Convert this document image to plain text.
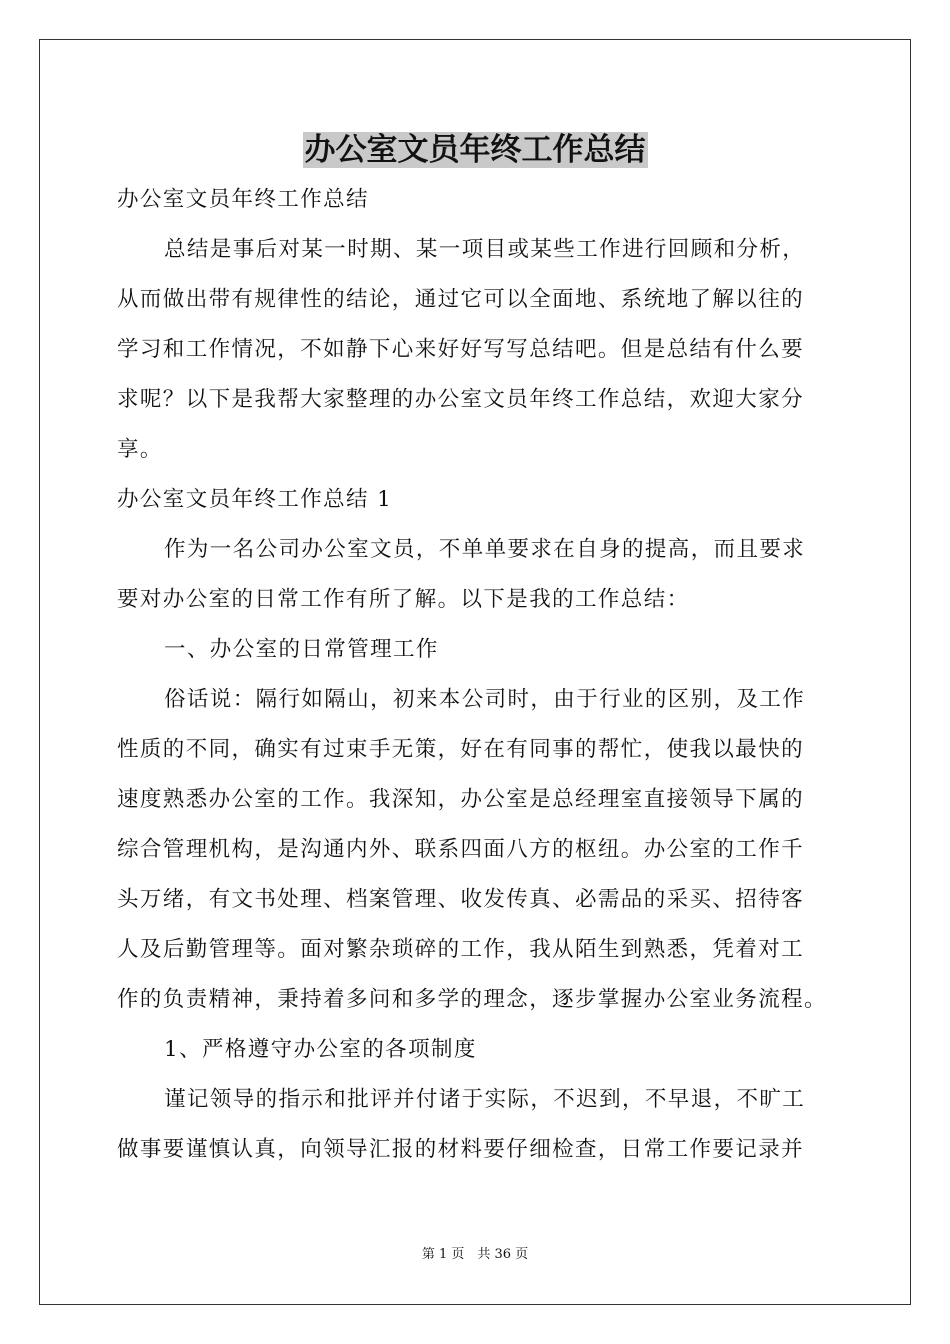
办公室文员年终工作总结
办公室文员年终工作总结
总结是事后对某一时期、某一项目或某些工作进行回顾和分析，
从而做出带有规律性的结论，通过它可以全面地、系统地了解以往的
学习和工作情况，不如静下心来好好写写总结吧。但是总结有什么要
求呢？以下是我帮大家整理的办公室文员年终工作总结，欢迎大家分
享。
办公室文员年终工作总结 1
作为一名公司办公室文员，不单单要求在自身的提高，而且要求
要对办公室的日常工作有所了解。以下是我的工作总结：
一、办公室的日常管理工作
俗话说：隔行如隔山，初来本公司时，由于行业的区别，及工作
性质的不同，确实有过束手无策，好在有同事的帮忙，使我以最快的
速度熟悉办公室的工作。我深知，办公室是总经理室直接领导下属的
综合管理机构，是沟通内外、联系四面八方的枢纽。办公室的工作千
头万绪，有文书处理、档案管理、收发传真、必需品的采买、招待客
人及后勤管理等。面对繁杂琐碎的工作，我从陌生到熟悉，凭着对工
作的负责精神，秉持着多问和多学的理念，逐步掌握办公室业务流程。
1、严格遵守办公室的各项制度
谨记领导的指示和批评并付诸于实际，不迟到，不早退，不旷工
做事要谨慎认真，向领导汇报的材料要仔细检查，日常工作要记录并
第 1 页　共 36 页
